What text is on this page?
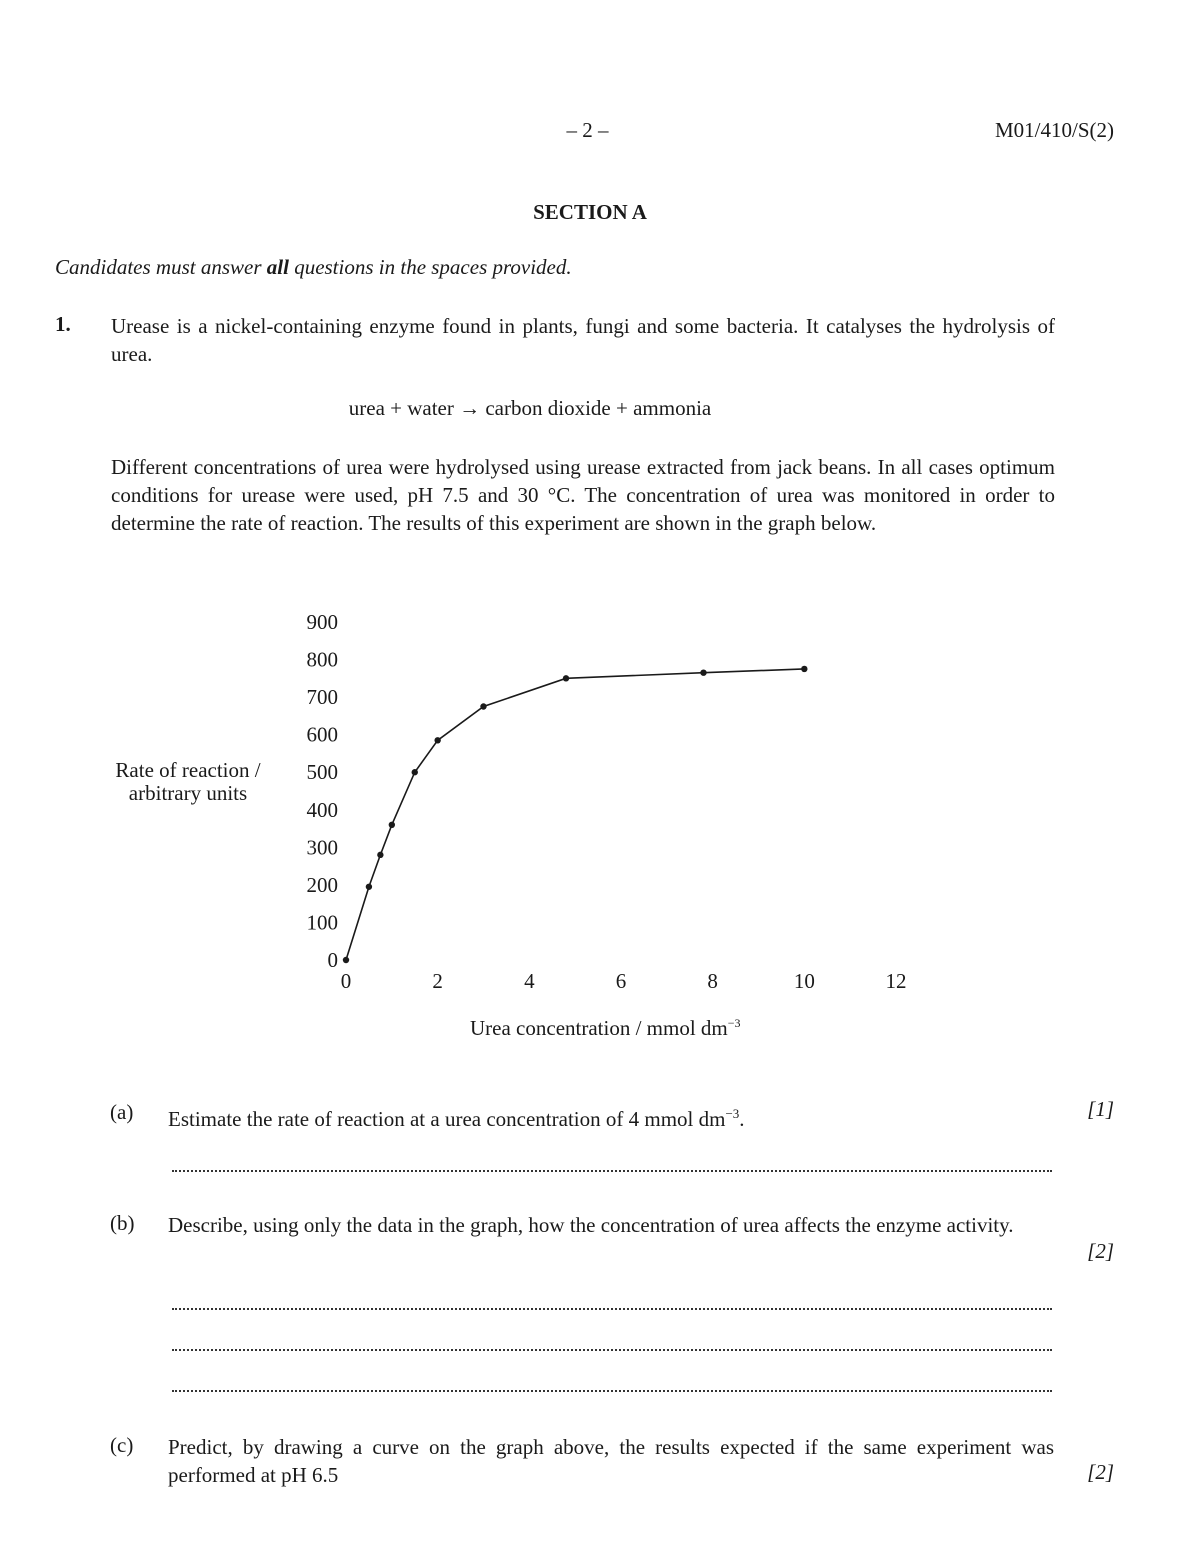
– 2 –	M01/410/S(2)
SECTION A
Candidates must answer all questions in the spaces provided.
1. Urease is a nickel-containing enzyme found in plants, fungi and some bacteria. It catalyses the hydrolysis of urea.
urea + water → carbon dioxide + ammonia
Different concentrations of urea were hydrolysed using urease extracted from jack beans. In all cases optimum conditions for urease were used, pH 7.5 and 30 °C. The concentration of urea was monitored in order to determine the rate of reaction. The results of this experiment are shown in the graph below.
0
100
200
300
400
500
600
700
800
900
0	2	4	6	8	10	12
Rate of reaction /
arbitrary units
Urea concentration / mmol $dm^{-3}$
(a) Estimate the rate of reaction at a urea concentration of 4 mmol $dm^{-3}$.	[1]
(b) Describe, using only the data in the graph, how the concentration of urea affects the enzyme activity.
[2]
(c) Predict, by drawing a curve on the graph above, the results expected if the same experiment was performed at pH 6.5	[2]
